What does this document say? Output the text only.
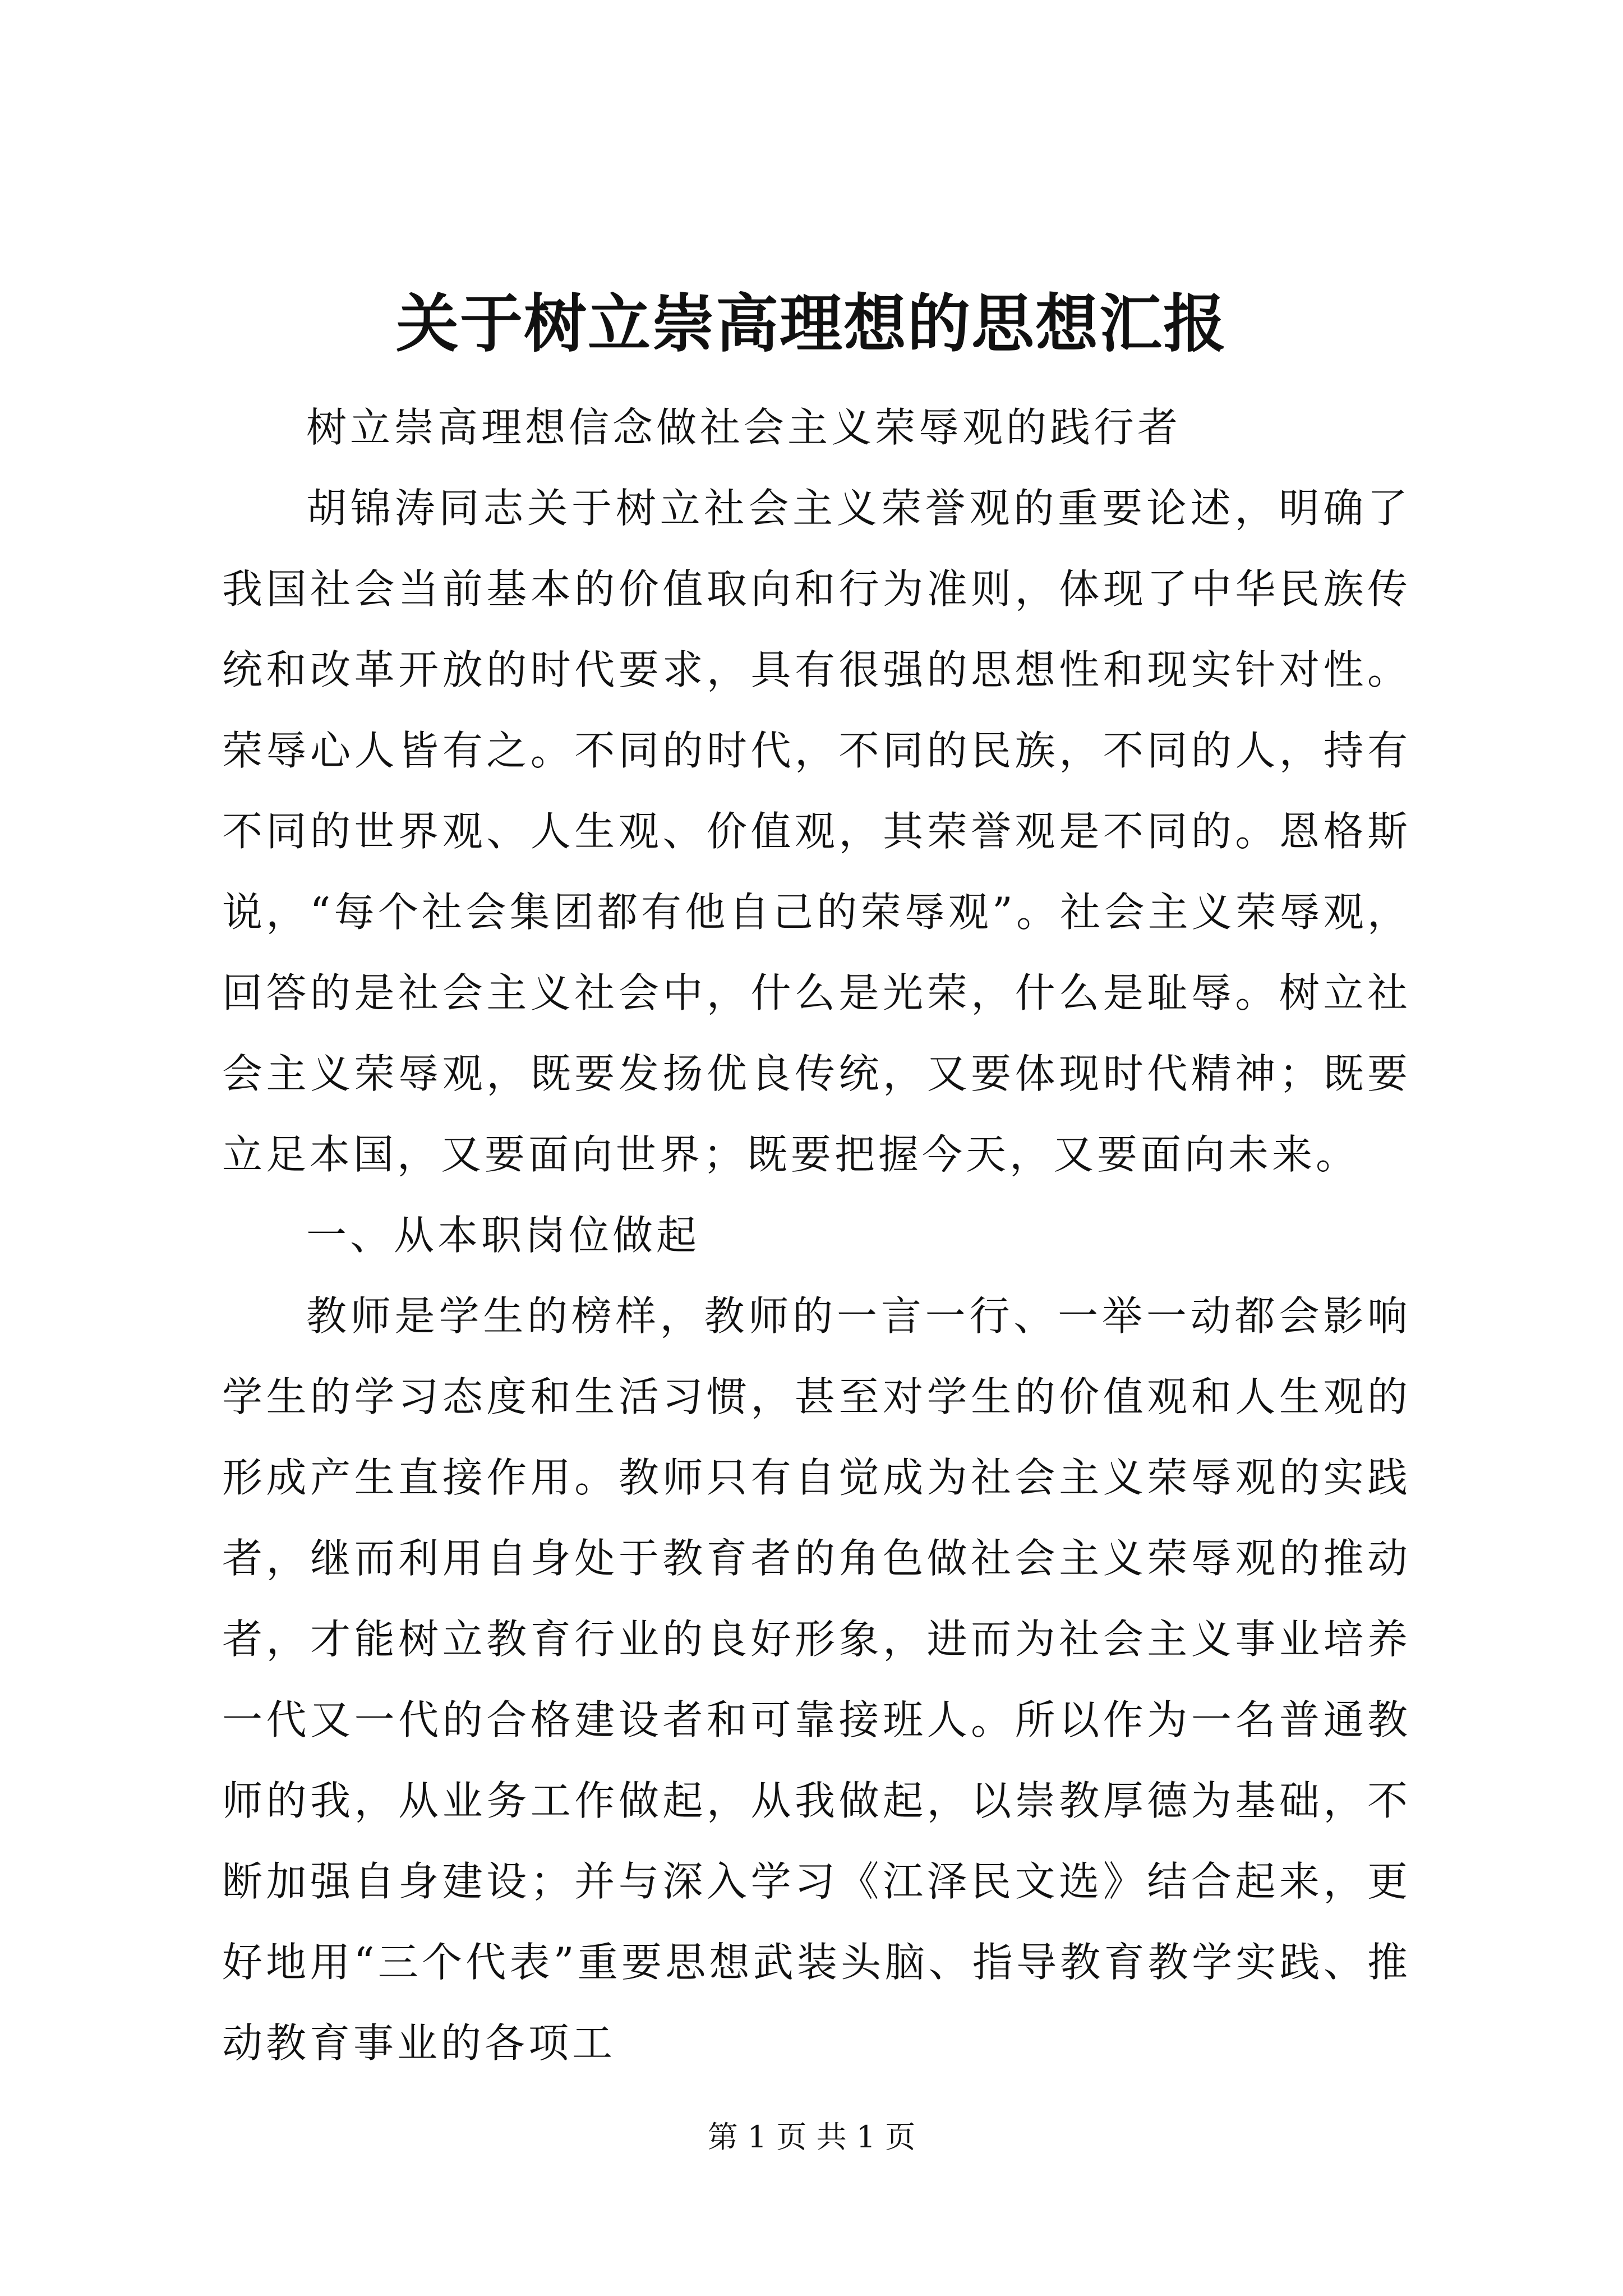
关于树立崇高理想的思想汇报

树立崇高理想信念做社会主义荣辱观的践行者

胡锦涛同志关于树立社会主义荣誉观的重要论述，明确了我国社会当前基本的价值取向和行为准则，体现了中华民族传统和改革开放的时代要求，具有很强的思想性和现实针对性。荣辱心人皆有之。不同的时代，不同的民族，不同的人，持有不同的世界观、人生观、价值观，其荣誉观是不同的。恩格斯说，“每个社会集团都有他自己的荣辱观”。社会主义荣辱观，回答的是社会主义社会中，什么是光荣，什么是耻辱。树立社会主义荣辱观，既要发扬优良传统，又要体现时代精神；既要立足本国，又要面向世界；既要把握今天，又要面向未来。

一、从本职岗位做起

教师是学生的榜样，教师的一言一行、一举一动都会影响学生的学习态度和生活习惯，甚至对学生的价值观和人生观的形成产生直接作用。教师只有自觉成为社会主义荣辱观的实践者，继而利用自身处于教育者的角色做社会主义荣辱观的推动者，才能树立教育行业的良好形象，进而为社会主义事业培养一代又一代的合格建设者和可靠接班人。所以作为一名普通教师的我，从业务工作做起，从我做起，以崇教厚德为基础，不断加强自身建设；并与深入学习《江泽民文选》结合起来，更好地用“三个代表”重要思想武装头脑、指导教育教学实践、推动教育事业的各项工

第 1 页 共 1 页
